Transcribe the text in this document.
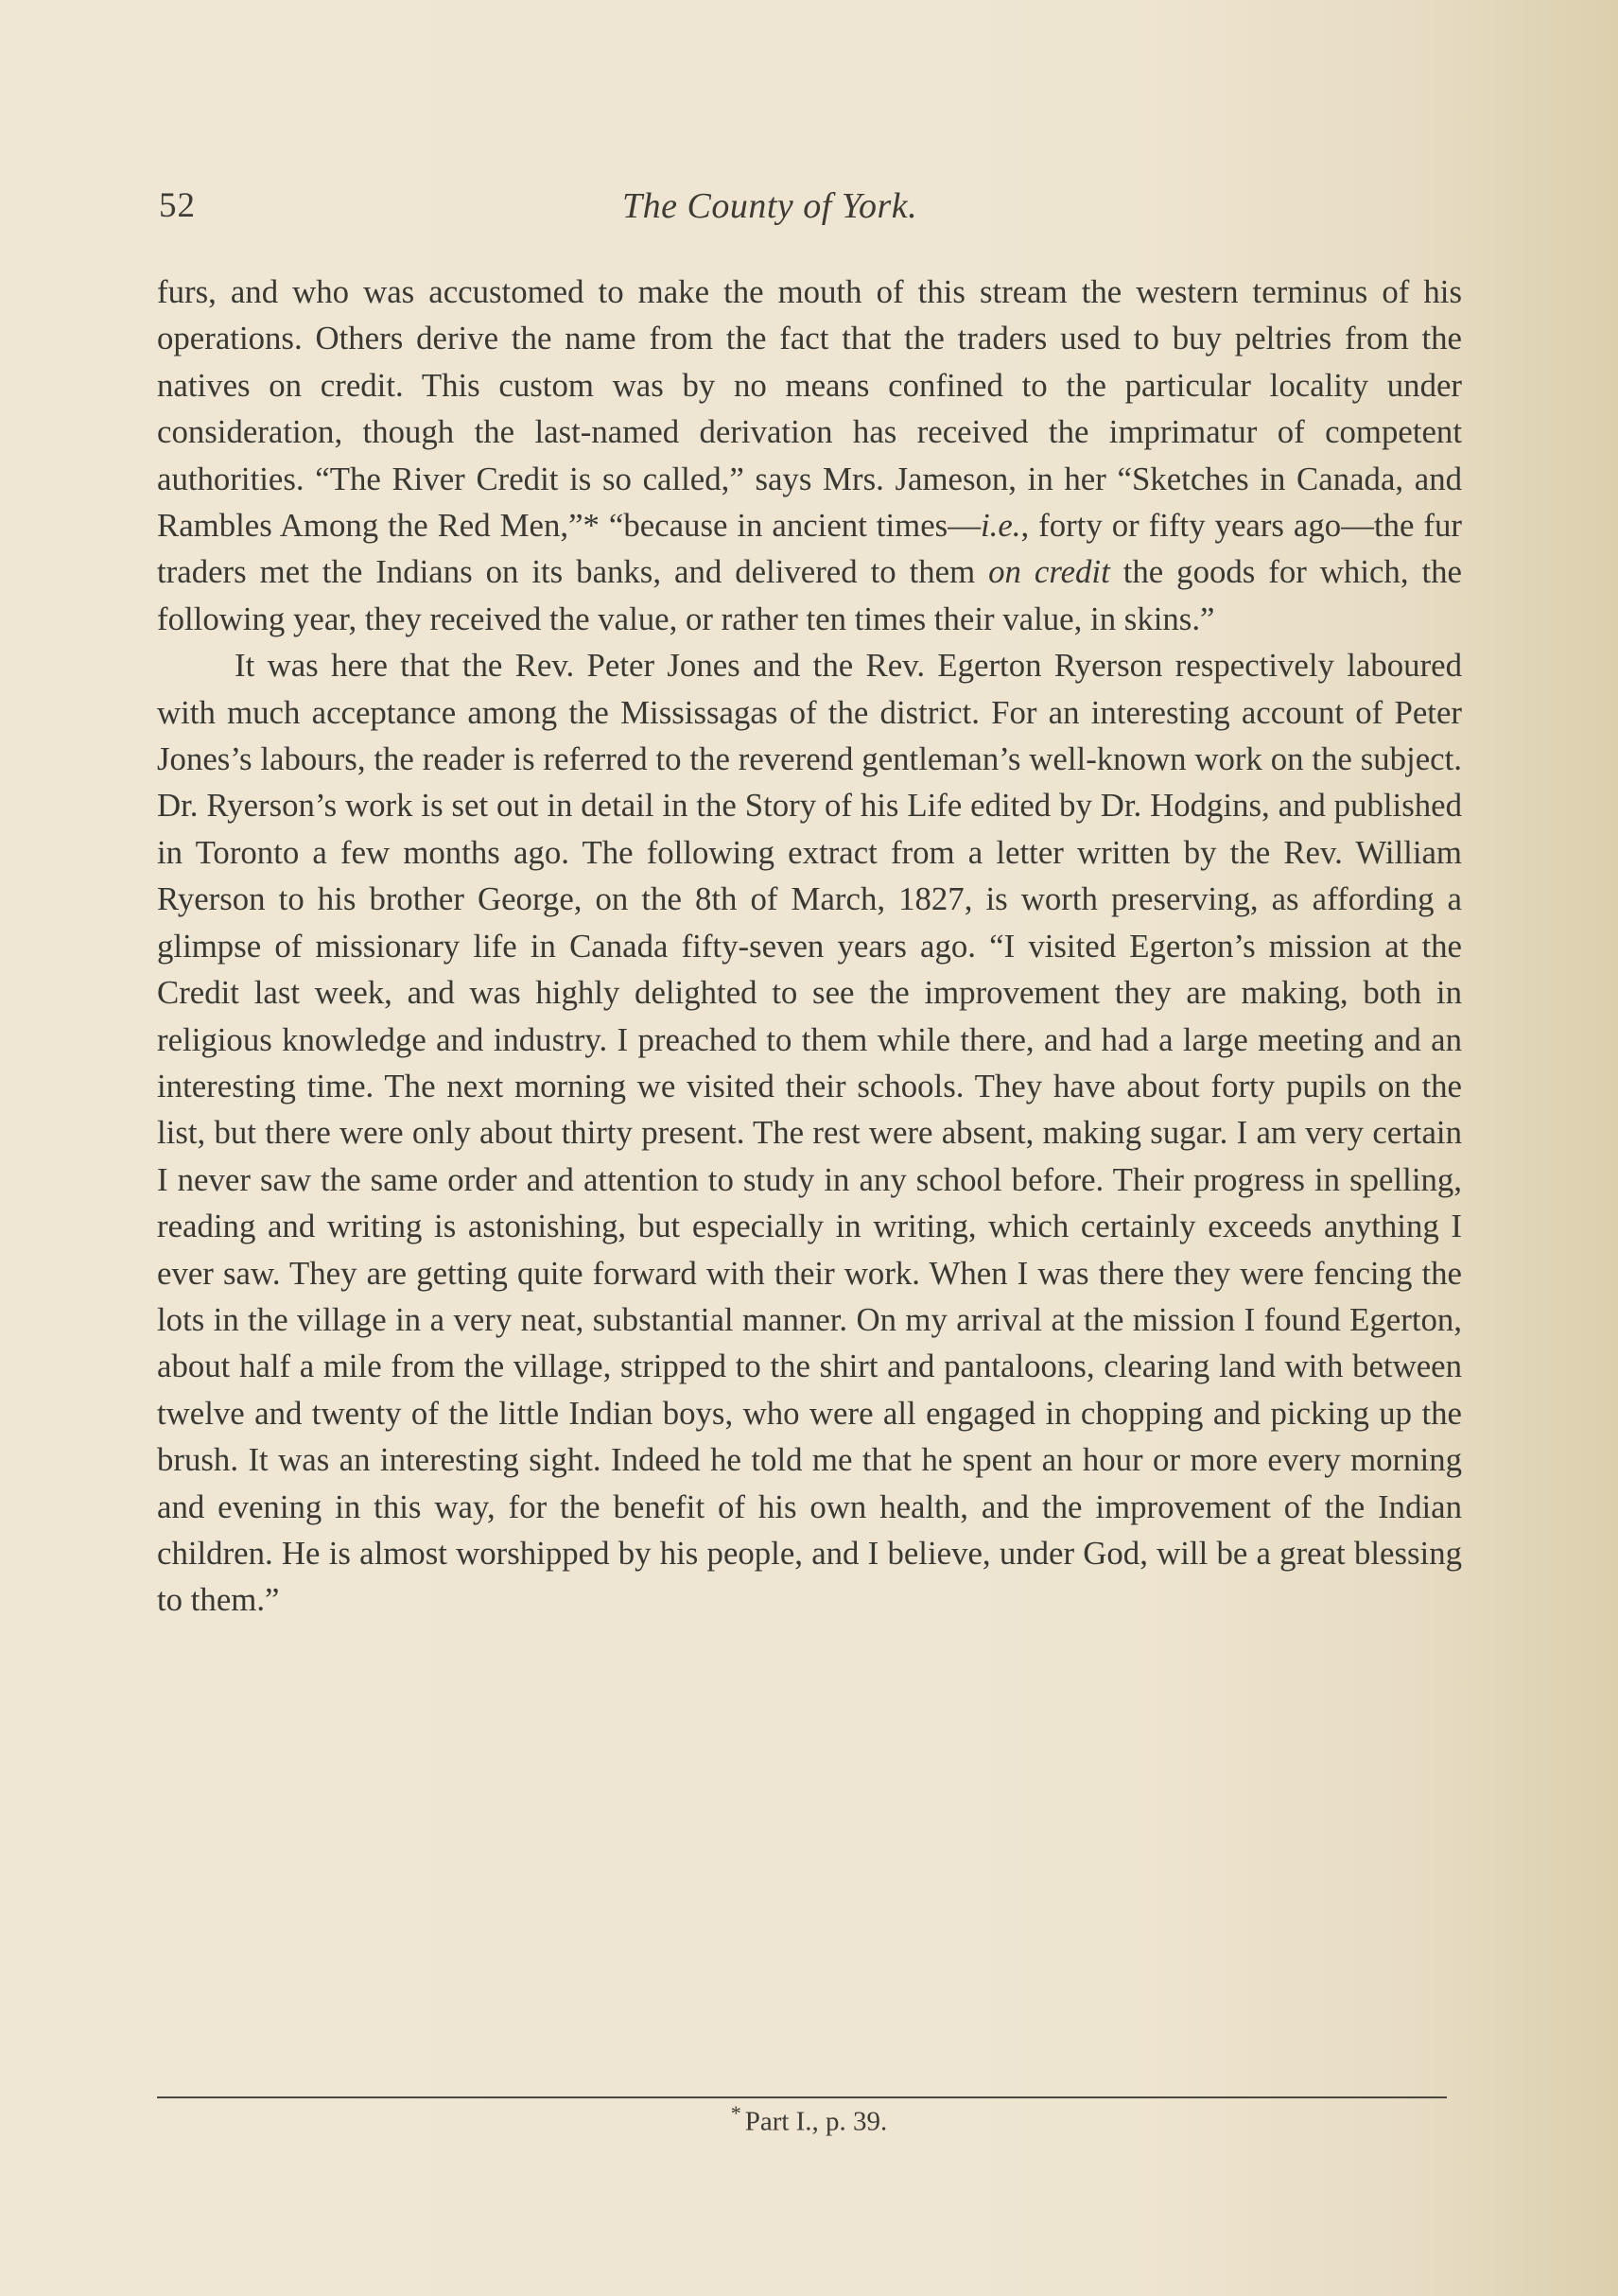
52	The County of York.

furs, and who was accustomed to make the mouth of this stream the western terminus of his operations. Others derive the name from the fact that the traders used to buy peltries from the natives on credit. This custom was by no means confined to the particular locality under consideration, though the last-named derivation has received the imprimatur of competent authorities. “The River Credit is so called,” says Mrs. Jameson, in her “Sketches in Canada, and Rambles Among the Red Men,”* “because in ancient times—i.e., forty or fifty years ago—the fur traders met the Indians on its banks, and delivered to them on credit the goods for which, the following year, they received the value, or rather ten times their value, in skins.”

It was here that the Rev. Peter Jones and the Rev. Egerton Ryerson respectively laboured with much acceptance among the Mississagas of the district. For an interesting account of Peter Jones’s labours, the reader is referred to the reverend gentleman’s well-known work on the subject. Dr. Ryerson’s work is set out in detail in the Story of his Life edited by Dr. Hodgins, and published in Toronto a few months ago. The following extract from a letter written by the Rev. William Ryerson to his brother George, on the 8th of March, 1827, is worth preserving, as affording a glimpse of missionary life in Canada fifty-seven years ago. “I visited Egerton’s mission at the Credit last week, and was highly delighted to see the improvement they are making, both in religious knowledge and industry. I preached to them while there, and had a large meeting and an interesting time. The next morning we visited their schools. They have about forty pupils on the list, but there were only about thirty present. The rest were absent, making sugar. I am very certain I never saw the same order and attention to study in any school before. Their progress in spelling, reading and writing is astonishing, but especially in writing, which certainly exceeds anything I ever saw. They are getting quite forward with their work. When I was there they were fencing the lots in the village in a very neat, substantial manner. On my arrival at the mission I found Egerton, about half a mile from the village, stripped to the shirt and pantaloons, clearing land with between twelve and twenty of the little Indian boys, who were all engaged in chopping and picking up the brush. It was an interesting sight. Indeed he told me that he spent an hour or more every morning and evening in this way, for the benefit of his own health, and the improvement of the Indian children. He is almost worshipped by his people, and I believe, under God, will be a great blessing to them.”

* Part I., p. 39.
